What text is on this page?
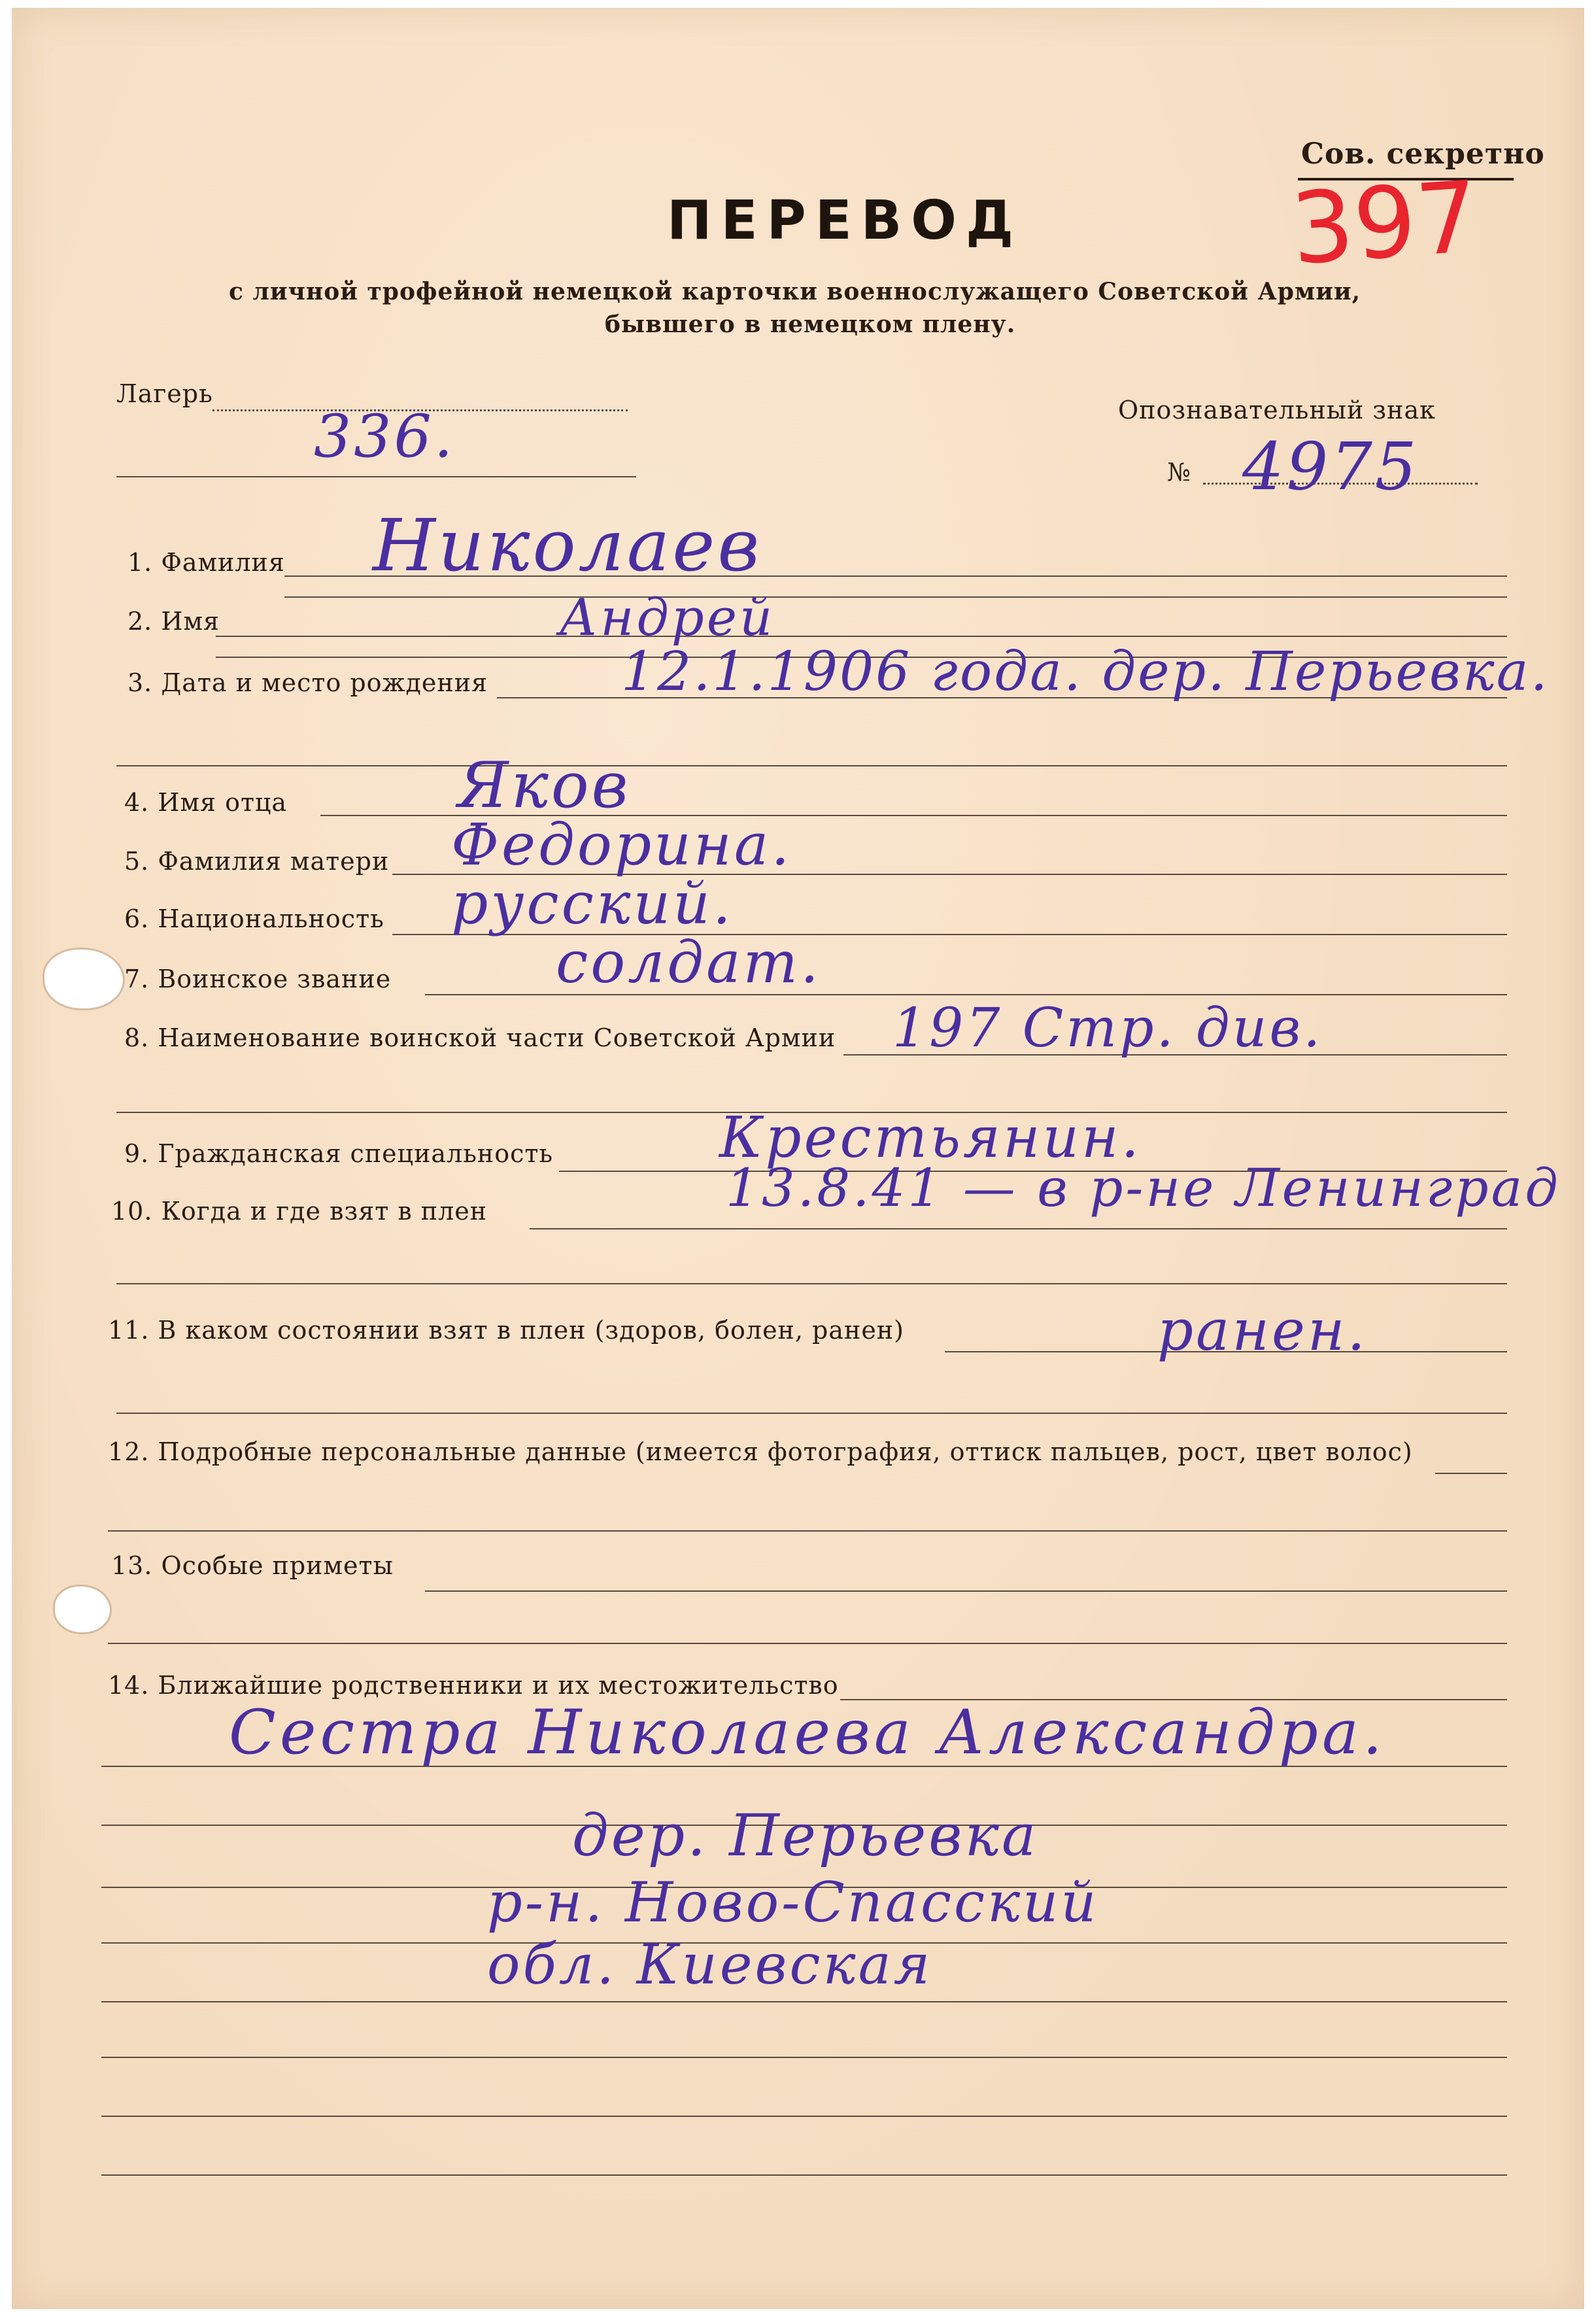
Сов. секретно
397
ПЕРЕВОД
с личной трофейной немецкой карточки военнослужащего Советской Армии,
бывшего в немецком плену.
Лагерь
336.	Опознавательный знак
№ 4975
1. Фамилия Николаев
2. Имя	Андрей
3. Дата и место рождения 12.1.1906 года. дер. Перьевка.
4. Имя отца	Яков
5. Фамилия матери Федорина.
6. Национальность русский.
7. Воинское звание	солдат.
8. Наименование воинской части Советской Армии 197 Стр. див.
9. Гражданская специальность	Крестьянин.
10. Когда и где взят в плен	13.8.41 — в р-не Ленинград
11. В каком состоянии взят в плен (здоров, болен, ранен)	ранен.
12. Подробные персональные данные (имеется фотография, оттиск пальцев, рост, цвет волос)
13. Особые приметы
14. Ближайшие родственники и их местожительство
Сестра Николаева Александра.
дер. Перьевка
р-н. Ново-Спасский
обл. Киевская
